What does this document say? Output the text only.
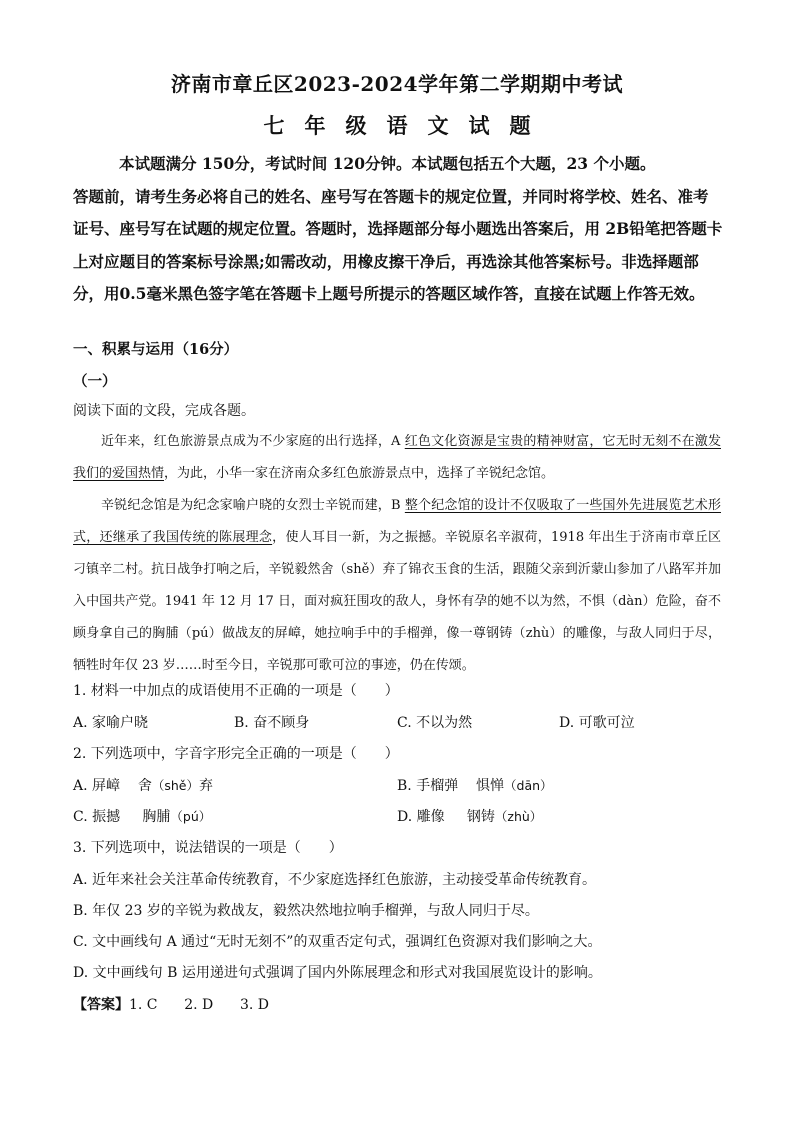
济南市章丘区2023-2024学年第二学期期中考试
七年级语文试题

本试题满分 150分，考试时间 120分钟。本试题包括五个大题，23 个小题。

答题前，请考生务必将自己的姓名、座号写在答题卡的规定位置，并同时将学校、姓名、准考证号、座号写在试题的规定位置。答题时，选择题部分每小题选出答案后，用 2B铅笔把答题卡上对应题目的答案标号涂黑;如需改动，用橡皮擦干净后，再选涂其他答案标号。非选择题部分，用0.5毫米黑色签字笔在答题卡上题号所提示的答题区域作答，直接在试题上作答无效。

一、积累与运用（16分）
（一）
阅读下面的文段，完成各题。

近年来，红色旅游景点成为不少家庭的出行选择，A 红色文化资源是宝贵的精神财富，它无时无刻不在激发我们的爱国热情，为此，小华一家在济南众多红色旅游景点中，选择了辛锐纪念馆。

辛锐纪念馆是为纪念家喻户晓的女烈士辛锐而建，B 整个纪念馆的设计不仅吸取了一些国外先进展览艺术形式，还继承了我国传统的陈展理念，使人耳目一新，为之振撼。辛锐原名辛淑荷，1918 年出生于济南市章丘区刁镇辛二村。抗日战争打响之后，辛锐毅然舍（shě）弃了锦衣玉食的生活，跟随父亲到沂蒙山参加了八路军并加入中国共产党。1941 年 12 月 17 日，面对疯狂围攻的敌人，身怀有孕的她不以为然，不惧（dàn）危险，奋不顾身拿自己的胸脯（pú）做战友的屏嶂，她拉响手中的手榴弹，像一尊钢铸（zhù）的雕像，与敌人同归于尽，牺牲时年仅 23 岁……时至今日，辛锐那可歌可泣的事迹，仍在传颂。

1. 材料一中加点的成语使用不正确的一项是（　　）
A. 家喻户晓	B. 奋不顾身	C. 不以为然	D. 可歌可泣
2. 下列选项中，字音字形完全正确的一项是（　　）
A. 屏嶂 舍（shě）弃	B. 手榴弹 惧惮（dān）
C. 振撼 胸脯（pú）	D. 雕像 钢铸（zhù）
3. 下列选项中，说法错误的一项是（　　）
A. 近年来社会关注革命传统教育，不少家庭选择红色旅游，主动接受革命传统教育。
B. 年仅 23 岁的辛锐为救战友，毅然决然地拉响手榴弹，与敌人同归于尽。
C. 文中画线句 A 通过“无时无刻不”的双重否定句式，强调红色资源对我们影响之大。
D. 文中画线句 B 运用递进句式强调了国内外陈展理念和形式对我国展览设计的影响。
【答案】1. C 2. D 3. D
